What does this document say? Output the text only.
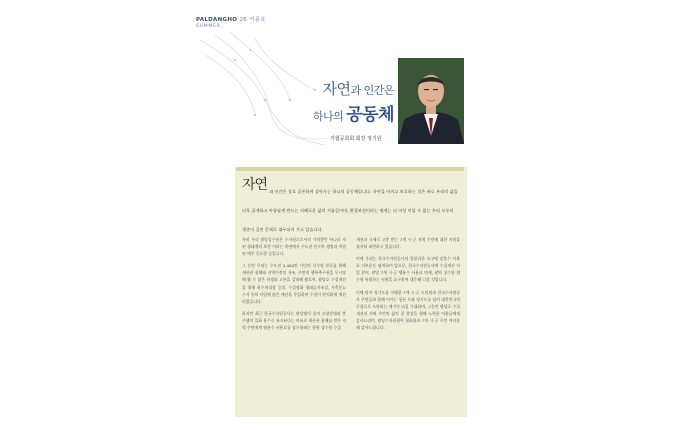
PALDANGHO 26 여름호
SUMMER
자연과 인간은
하나의 공동체
기협공회회 회장 정기원
자연 과 인간은 상호 공존하며 살아가는 하나의 공동체입니다. 자연을 아끼고 보호하는 것은 바로 우리의 삶을 더욱 곱게하고 아름답게 만드는 지혜로운 삶의 지름길이며, 환경보전이라는 명제는 더 이상 미룰 수 없는 우리 모두의 생존이 걸린 문제로 대두되어 가고 있습니다.

특히 우리 팔당상수원은 수자원으로서의 가치뿐만 아니라 자연 생태계의 보전 이라는 측면에서 수도권 인구의 생명과 직결된 매우 중요한 곳입니다.

그 동안 우리는 수도권 2,400만 시민의 식수원 보호를 위해 재산권 침해와 지역이전의 저조, 주민의 행복추구권을 무시당해 왔 수 많은 희생과 고통을 감내해 왔으며, 팔당호 수질개선을 위해 하수처리장 증설, 수질정화 생태습지조성, 가축분뇨 수거 등의 사업에 많은 예산을 투입하여 수질이 현저하게 개선되었습니다.

하지만 최근 한국수자원공사는 팔당댐의 물이 소양강댐과 충주댐의 입화 용수로 유지된다는 이유로 재산권 침해를 받은 지역 주민에게 댐용수 사용료를 징수하려는 한편 상수원 수질

개선과 규제로 고충 받는 7개 시·군 지역 주민에 대한 지원을 철저히 외면하고 있습니다.

이에 우리는 한국수자원공사의 불합리한 요구에 맞불수 사용료 거부운동 펼치하며 앞으로, 한국수자원공사에 수질개선 사업 참여, 팔당 7개 시·군 댐용수 사용료 면제, 광역 상수원 위 수원 특별하는 지원을 요구하며 대응해 나갈 것입니다.

이에 맞서 정기도를 이행한 7개 시·군 도의원과 한국수자원공사 주민들과 함께 어가는 힘든 도와 정기도를 넘어 대한민국의 중심으로 도약하는 계기가 되길 기대하며, 그동안 팔당호 수질개선과 지역 주민의 삶의 질 향상을 위해 노력한 이웃들에게 감사드리며, 팔당수자원협력 협회원과 7개 시·군 주민 여러분께 감사드립니다.
